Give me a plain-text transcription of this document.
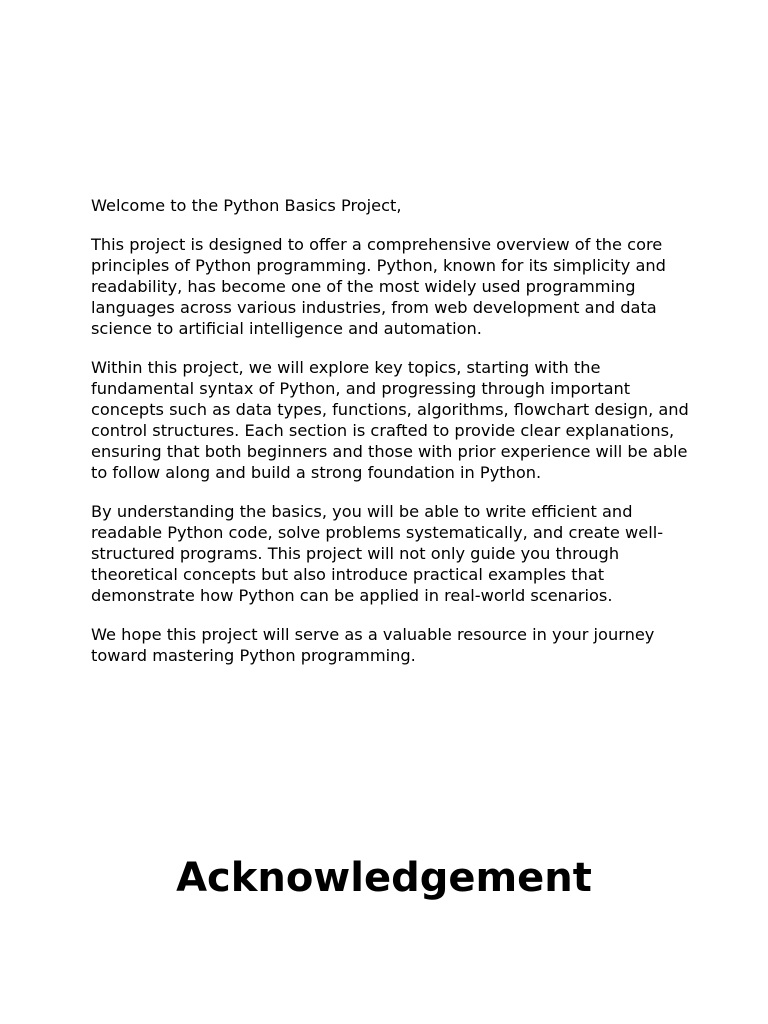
Welcome to the Python Basics Project,

This project is designed to offer a comprehensive overview of the core principles of Python programming. Python, known for its simplicity and readability, has become one of the most widely used programming languages across various industries, from web development and data science to artificial intelligence and automation.

Within this project, we will explore key topics, starting with the fundamental syntax of Python, and progressing through important concepts such as data types, functions, algorithms, flowchart design, and control structures. Each section is crafted to provide clear explanations, ensuring that both beginners and those with prior experience will be able to follow along and build a strong foundation in Python.

By understanding the basics, you will be able to write efficient and readable Python code, solve problems systematically, and create well-structured programs. This project will not only guide you through theoretical concepts but also introduce practical examples that demonstrate how Python can be applied in real-world scenarios.

We hope this project will serve as a valuable resource in your journey toward mastering Python programming.

Acknowledgement
